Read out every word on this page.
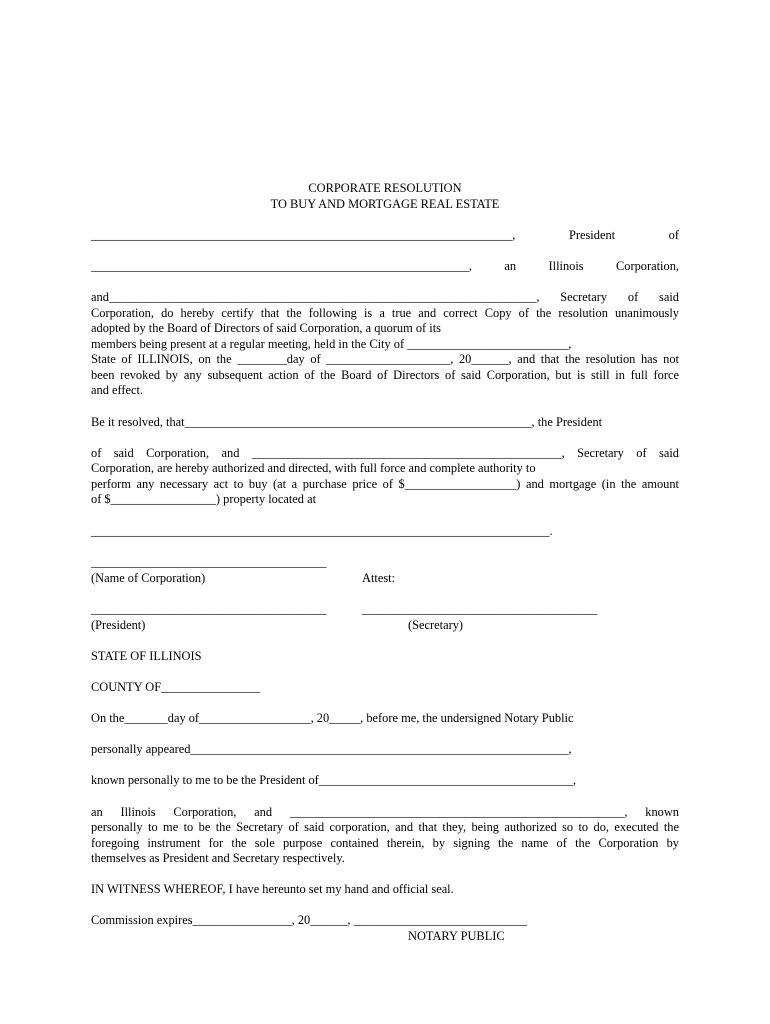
CORPORATE RESOLUTION
TO BUY AND MORTGAGE REAL ESTATE
____________________________________________________________________, President of
_____________________________________________________________, an Illinois Corporation,
and_____________________________________________________________________, Secretary of said
Corporation, do hereby certify that the following is a true and correct Copy of the resolution unanimously
adopted by the Board of Directors of said Corporation, a quorum of its
members being present at a regular meeting, held in the City of __________________________,
State of ILLINOIS, on the ________day of ____________________, 20______, and that the resolution has not
been revoked by any subsequent action of the Board of Directors of said Corporation, but is still in full force
and effect.
Be it resolved, that________________________________________________________, the President
of said Corporation, and __________________________________________________, Secretary of said
Corporation, are hereby authorized and directed, with full force and complete authority to
perform any necessary act to buy (at a purchase price of $__________________) and mortgage (in the amount
of $_________________) property located at
__________________________________________________________________________.
______________________________________
(Name of Corporation)	Attest:
______________________________________	______________________________________
(President)	(Secretary)
STATE OF ILLINOIS
COUNTY OF________________
On the_______day of__________________, 20_____, before me, the undersigned Notary Public
personally appeared_____________________________________________________________,
known personally to me to be the President of_________________________________________,
an Illinois Corporation, and ______________________________________________________, known
personally to me to be the Secretary of said corporation, and that they, being authorized so to do, executed the
foregoing instrument for the sole purpose contained therein, by signing the name of the Corporation by
themselves as President and Secretary respectively.
IN WITNESS WHEREOF, I have hereunto set my hand and official seal.
Commission expires________________, 20______, ____________________________
NOTARY PUBLIC
